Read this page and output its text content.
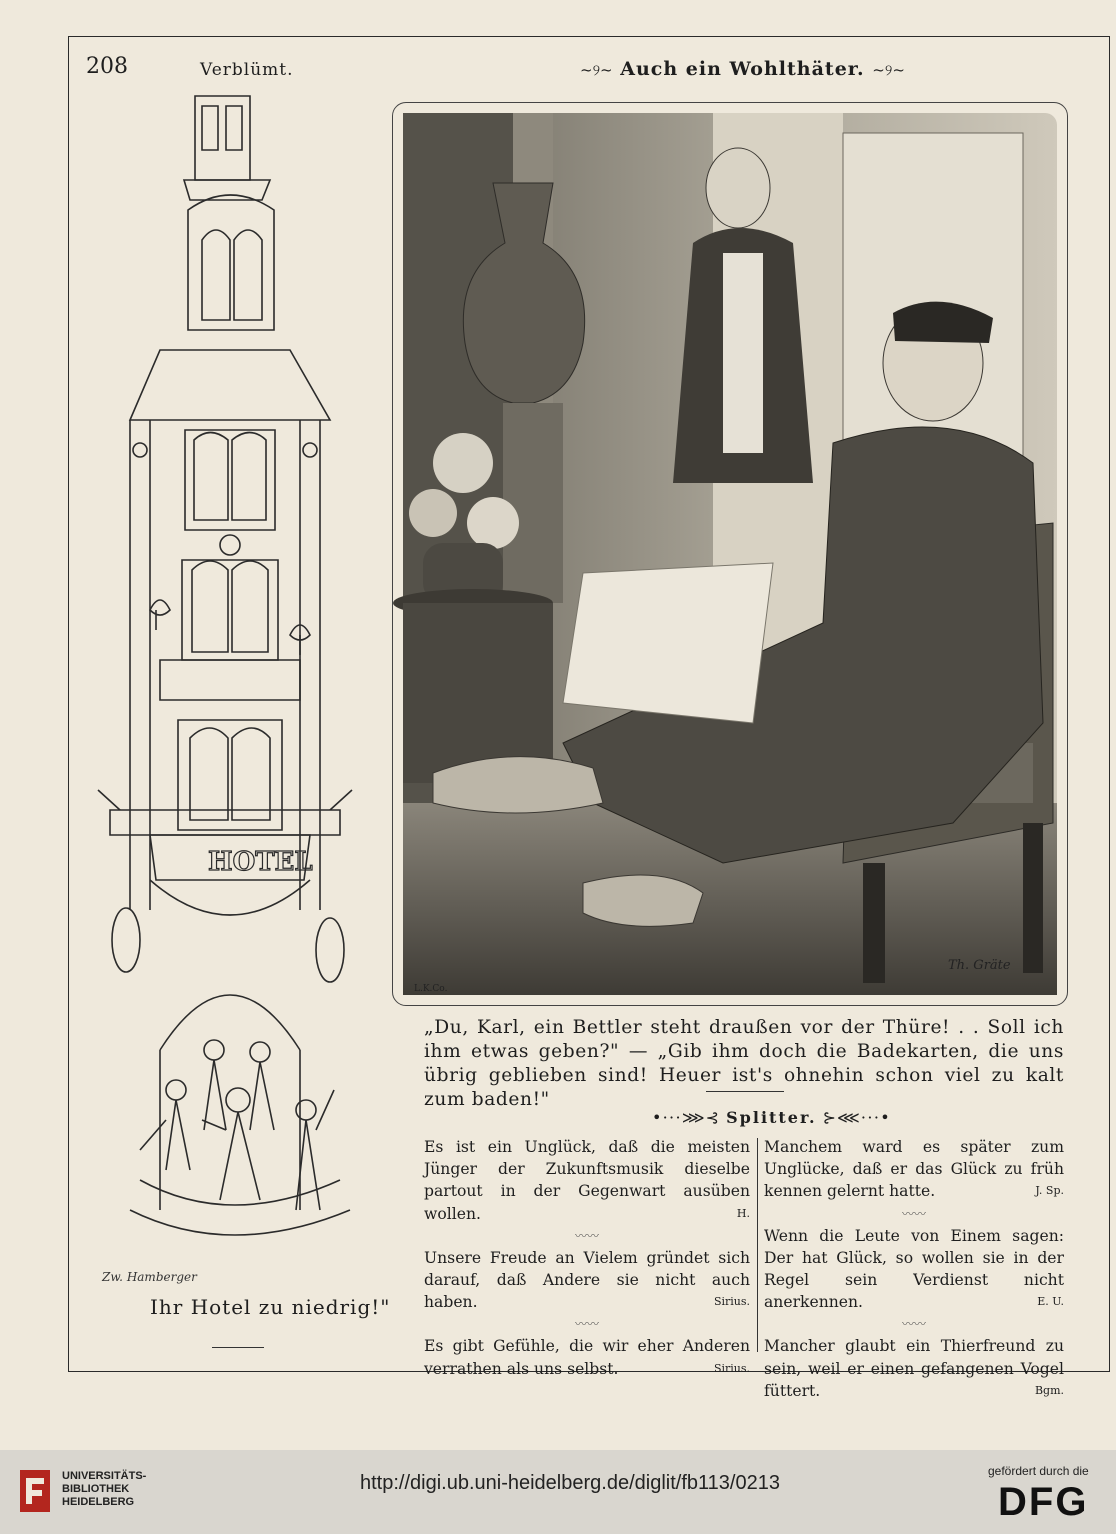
208	Verblümt.	~୨~ Auch ein Wohlthäter. ~୨~
HOTEL
Zw. Hamberger
Ihr Hotel zu niedrig!"
L.K.Co.
Th. Gräte
„Du, Karl, ein Bettler steht draußen vor der Thüre! . . Soll ich ihm etwas geben?" — „Gib ihm doch die Badekarten, die uns übrig geblieben sind! Heuer ist's ohnehin schon viel zu kalt zum baden!"
•⋅⋅⋅⋙⊰ Splitter. ⊱⋘⋅⋅⋅•
Es ist ein Unglück, daß die meisten Jünger der Zukunftsmusik dieselbe partout in der Gegenwart ausüben wollen.	H.
〰〰
Unsere Freude an Vielem gründet sich darauf, daß Andere sie nicht auch haben.	Sirius.
〰〰
Es gibt Gefühle, die wir eher Anderen verrathen als uns selbst.	Sirius.
Manchem ward es später zum Unglücke, daß er das Glück zu früh kennen gelernt hatte.	J. Sp.
〰〰
Wenn die Leute von Einem sagen: Der hat Glück, so wollen sie in der Regel sein Verdienst nicht anerkennen.	E. U.
〰〰
Mancher glaubt ein Thierfreund zu sein, weil er einen gefangenen Vogel füttert.	Bgm.
UNIVERSITÄTS-
BIBLIOTHEK
HEIDELBERG
http://digi.ub.uni-heidelberg.de/diglit/fb113/0213
gefördert durch die
DFG
